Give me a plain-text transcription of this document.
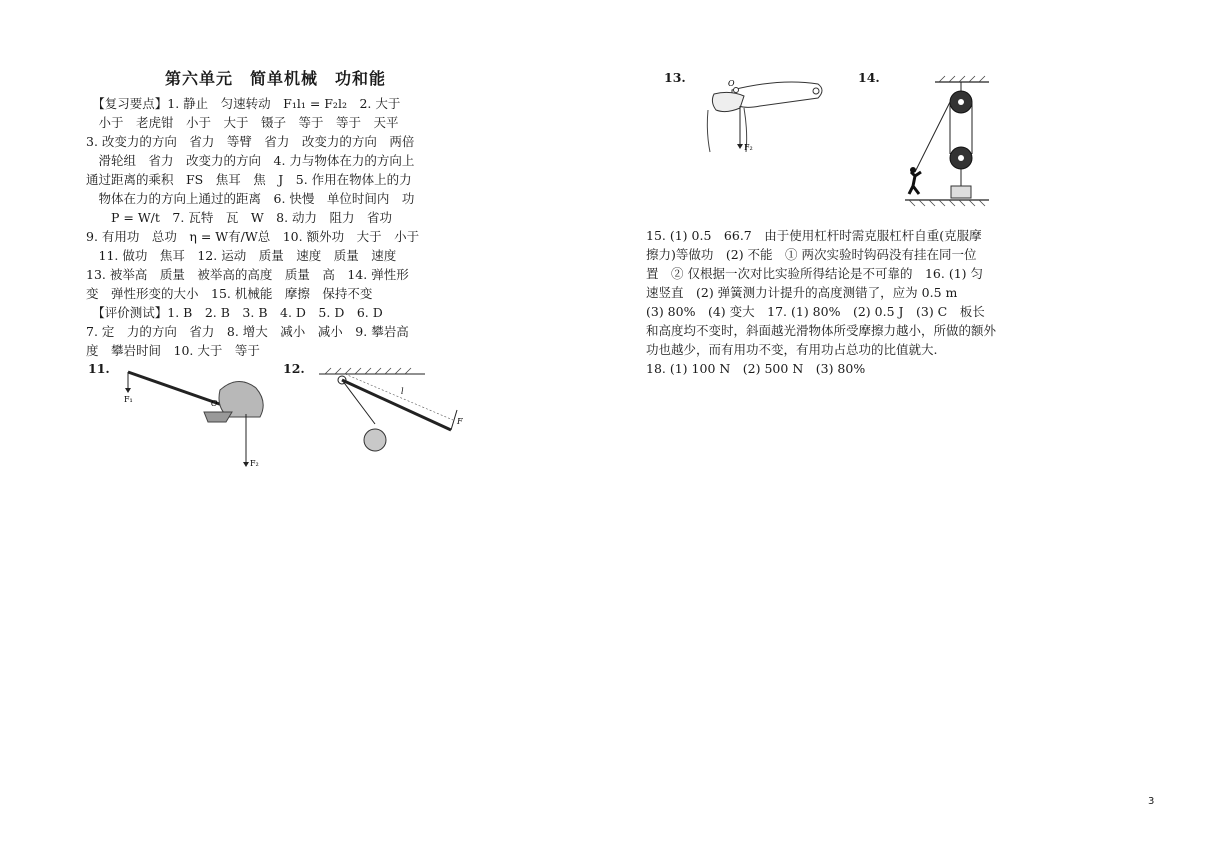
第六单元　简单机械　功和能
　【复习要点】1. 静止　匀速转动　F₁l₁ = F₂l₂　2. 大于
　小于　老虎钳　小于　大于　镊子　等于　等于　天平
3. 改变力的方向　省力　等臂　省力　改变力的方向　两倍
　滑轮组　省力　改变力的方向　4. 力与物体在力的方向上
通过距离的乘积　FS　焦耳　焦　J　5. 作用在物体上的力
　物体在力的方向上通过的距离　6. 快慢　单位时间内　功
　　P = W/t　7. 瓦特　瓦　W　8. 动力　阻力　省功
9. 有用功　总功　η = W有/W总　10. 额外功　大于　小于
　11. 做功　焦耳　12. 运动　质量　速度　质量　速度
13. 被举高　质量　被举高的高度　质量　高　14. 弹性形
变　弹性形变的大小　15. 机械能　摩擦　保持不变
　【评价测试】1. B　2. B　3. B　4. D　5. D　6. D
7. 定　力的方向　省力　8. 增大　减小　减小　9. 攀岩高
度　攀岩时间　10. 大于　等于
11.
F₁	O
F₂
12.
l
F
13.	O
F₂
14.
15. (1) 0.5　66.7　由于使用杠杆时需克服杠杆自重(克服摩
擦力)等做功　(2) 不能　① 两次实验时钩码没有挂在同一位
置　② 仅根据一次对比实验所得结论是不可靠的　16. (1) 匀
速竖直　(2) 弹簧测力计提升的高度测错了，应为 0.5 m
(3) 80%　(4) 变大　17. (1) 80%　(2) 0.5 J　(3) C　板长
和高度均不变时，斜面越光滑物体所受摩擦力越小，所做的额外
功也越少，而有用功不变，有用功占总功的比值就大.
18. (1) 100 N　(2) 500 N　(3) 80%
3
